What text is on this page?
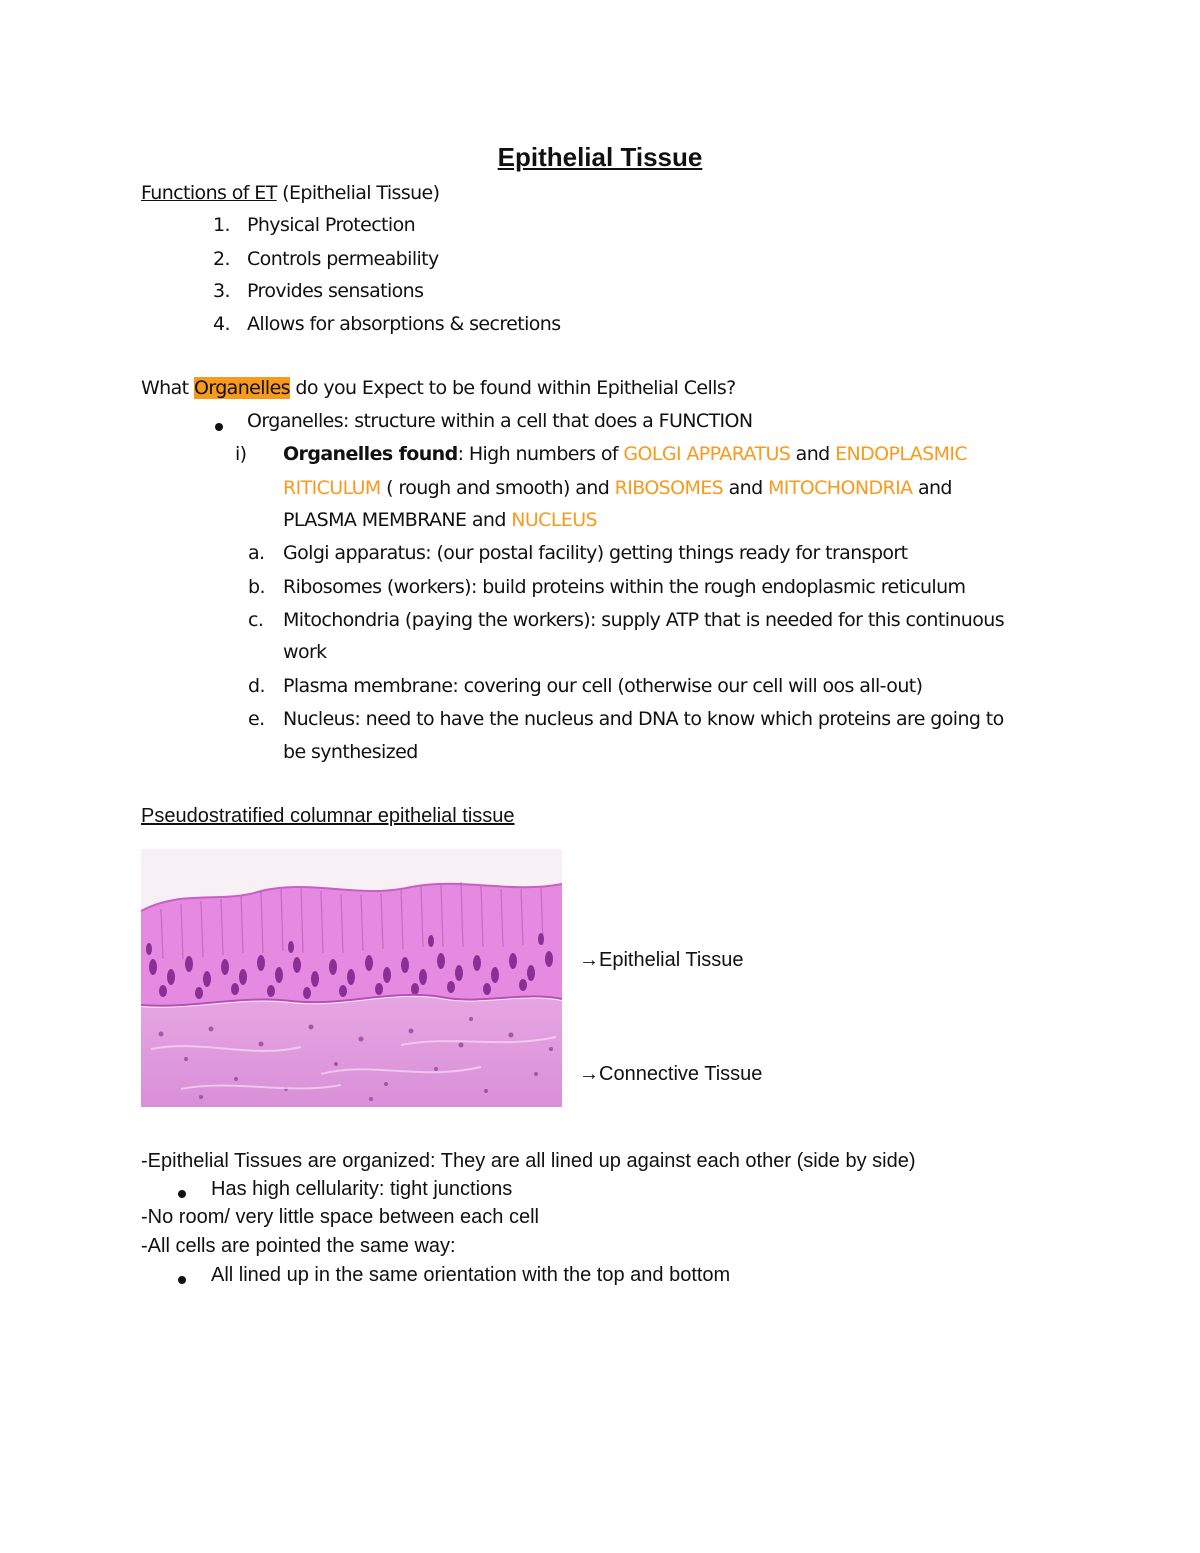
Epithelial Tissue
Functions of ET (Epithelial Tissue)
1. Physical Protection
2. Controls permeability
3. Provides sensations
4. Allows for absorptions & secretions
What Organelles do you Expect to be found within Epithelial Cells?
Organelles: structure within a cell that does a FUNCTION
i) Organelles found: High numbers of GOLGI APPARATUS and ENDOPLASMIC
RITICULUM ( rough and smooth) and RIBOSOMES and MITOCHONDRIA and
PLASMA MEMBRANE and NUCLEUS
a. Golgi apparatus: (our postal facility) getting things ready for transport
b. Ribosomes (workers): build proteins within the rough endoplasmic reticulum
c. Mitochondria (paying the workers): supply ATP that is needed for this continuous
work
d. Plasma membrane: covering our cell (otherwise our cell will oos all-out)
e. Nucleus: need to have the nucleus and DNA to know which proteins are going to
be synthesized
Pseudostratified columnar epithelial tissue
→Epithelial Tissue
→Connective Tissue
-Epithelial Tissues are organized: They are all lined up against each other (side by side)
Has high cellularity: tight junctions
-No room/ very little space between each cell
-All cells are pointed the same way:
All lined up in the same orientation with the top and bottom
